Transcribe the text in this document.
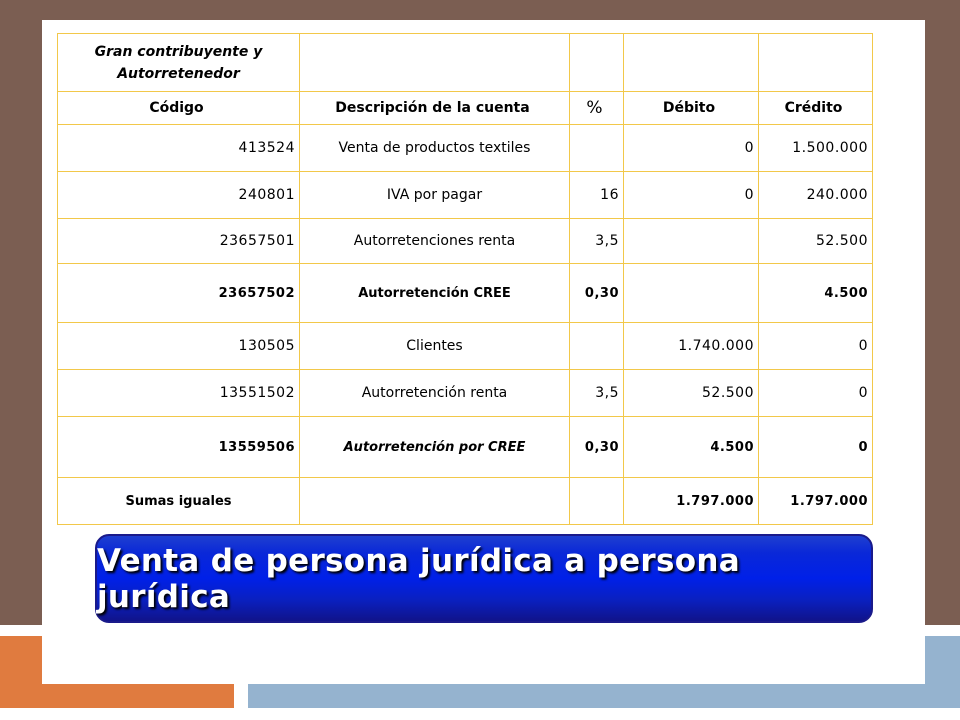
Gran contribuyente y Autorretenedor				
Código	Descripción de la cuenta	%	Débito	Crédito
413524	Venta de productos textiles		0	1.500.000
240801	IVA por pagar	16	0	240.000
23657501	Autorretenciones renta	3,5		52.500
23657502	Autorretención CREE	0,30		4.500
130505	Clientes		1.740.000	0
13551502	Autorretención renta	3,5	52.500	0
13559506	Autorretención por CREE	0,30	4.500	0
Sumas iguales			1.797.000	1.797.000
Venta de persona jurídica a persona jurídica
